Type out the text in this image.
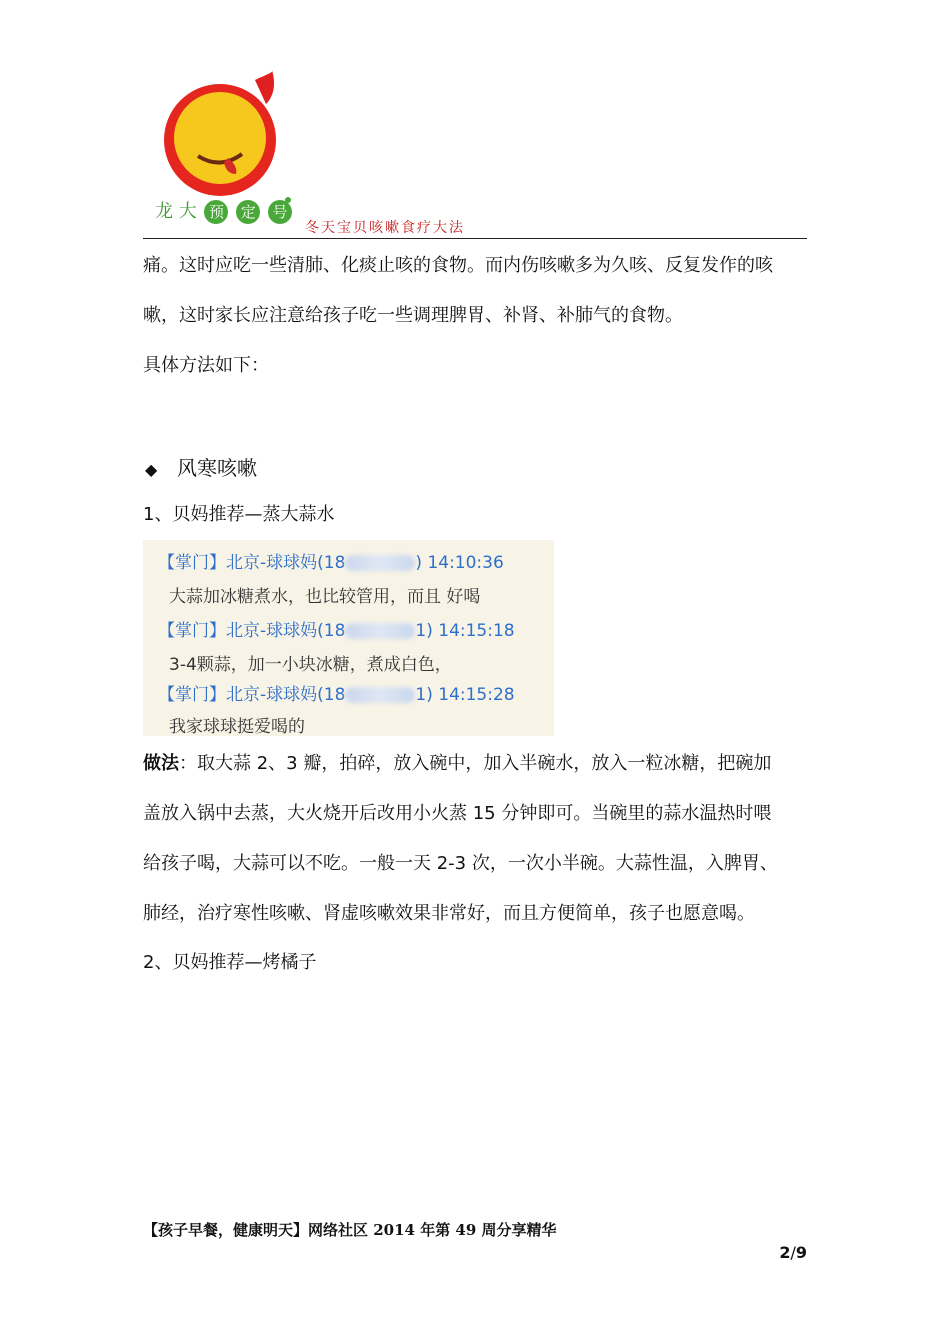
龙 大 预 定 号
冬天宝贝咳嗽食疗大法
痛。这时应吃一些清肺、化痰止咳的食物。而内伤咳嗽多为久咳、反复发作的咳
嗽，这时家长应注意给孩子吃一些调理脾胃、补肾、补肺气的食物。
具体方法如下：
◆ 风寒咳嗽
1、贝妈推荐—蒸大蒜水
【掌门】北京-球球妈(18	) 14:10:36
大蒜加冰糖煮水，也比较管用，而且 好喝
【掌门】北京-球球妈(18	1) 14:15:18
3-4颗蒜，加一小块冰糖，煮成白色，
【掌门】北京-球球妈(18	1) 14:15:28
我家球球挺爱喝的
做法：取大蒜 2、3 瓣，拍碎，放入碗中，加入半碗水，放入一粒冰糖，把碗加
盖放入锅中去蒸，大火烧开后改用小火蒸 15 分钟即可。当碗里的蒜水温热时喂
给孩子喝，大蒜可以不吃。一般一天 2-3 次，一次小半碗。大蒜性温，入脾胃、
肺经，治疗寒性咳嗽、肾虚咳嗽效果非常好，而且方便简单，孩子也愿意喝。
2、贝妈推荐—烤橘子
【孩子早餐，健康明天】网络社区 2014 年第 49 周分享精华
2/9
